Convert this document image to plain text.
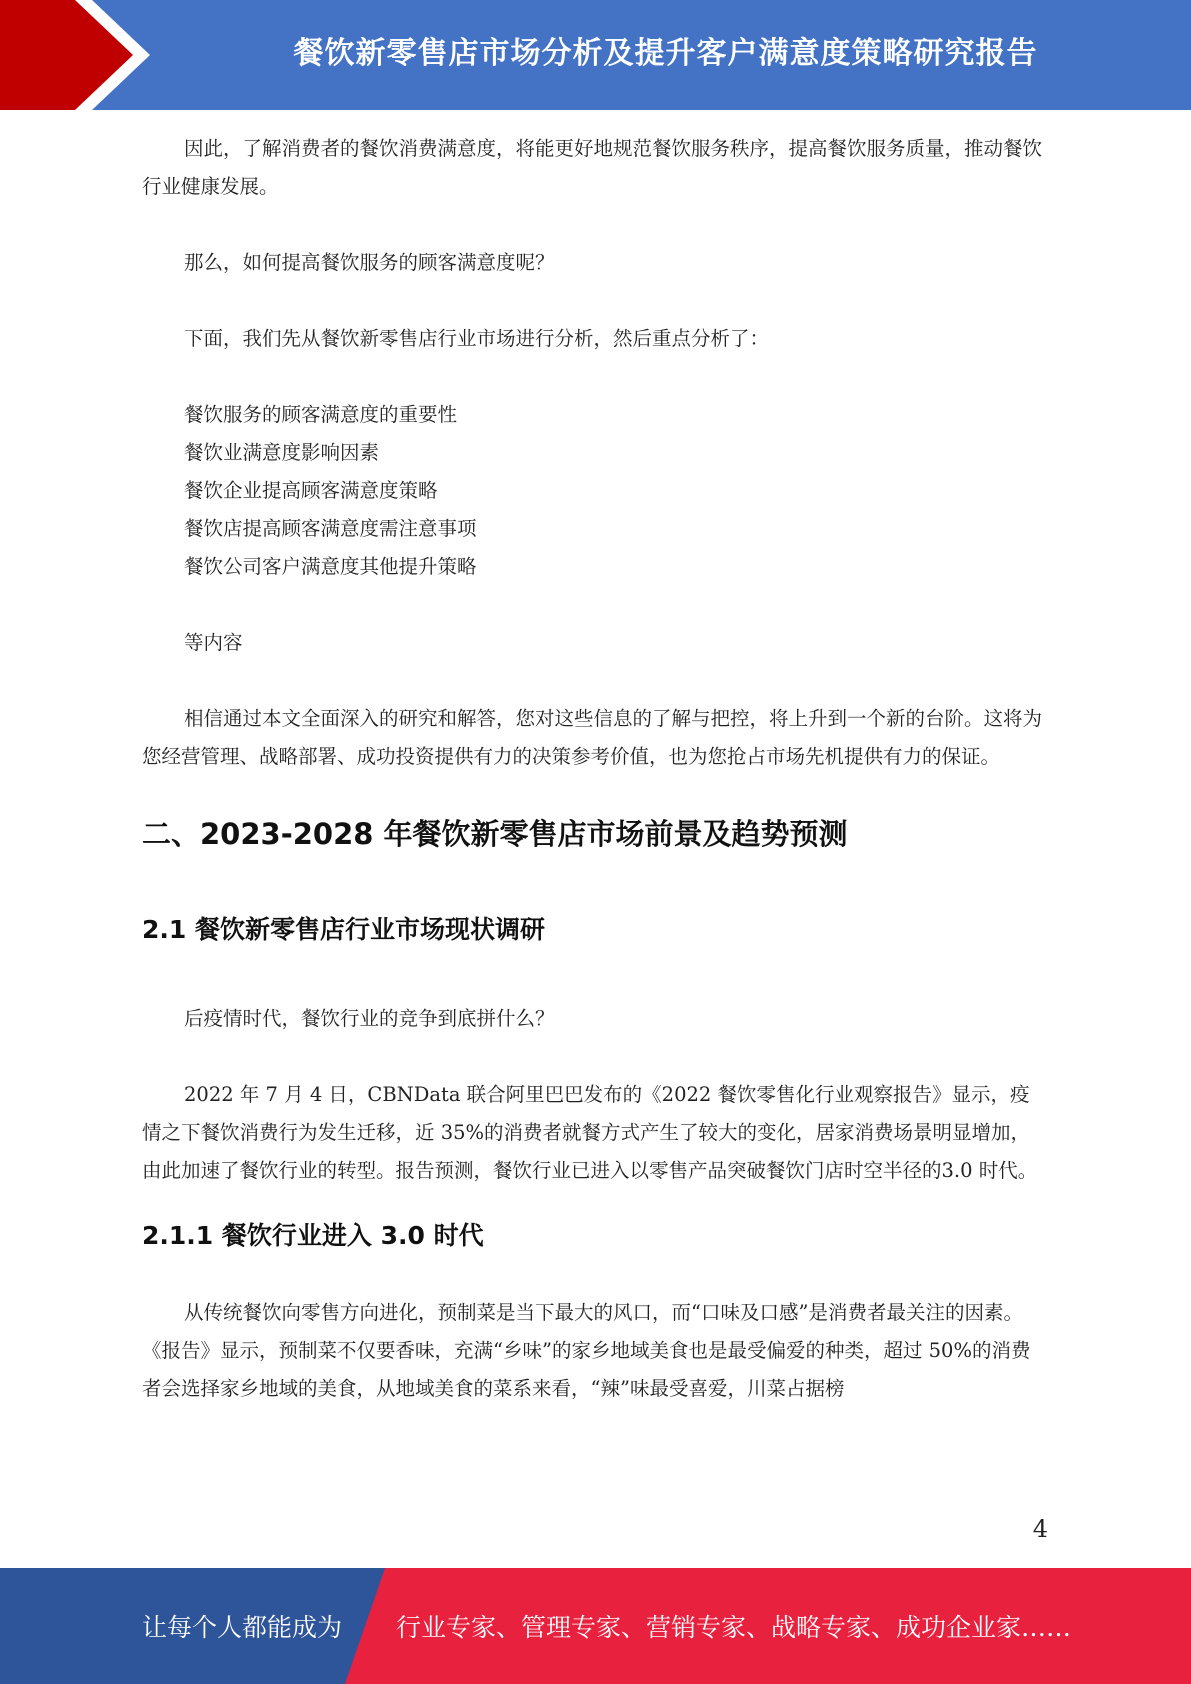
餐饮新零售店市场分析及提升客户满意度策略研究报告

因此，了解消费者的餐饮消费满意度，将能更好地规范餐饮服务秩序，提高餐饮服务质量，推动餐饮行业健康发展。

那么，如何提高餐饮服务的顾客满意度呢？

下面，我们先从餐饮新零售店行业市场进行分析，然后重点分析了：

餐饮服务的顾客满意度的重要性
餐饮业满意度影响因素
餐饮企业提高顾客满意度策略
餐饮店提高顾客满意度需注意事项
餐饮公司客户满意度其他提升策略

等内容

相信通过本文全面深入的研究和解答，您对这些信息的了解与把控，将上升到一个新的台阶。这将为您经营管理、战略部署、成功投资提供有力的决策参考价值，也为您抢占市场先机提供有力的保证。

二、2023-2028 年餐饮新零售店市场前景及趋势预测
2.1 餐饮新零售店行业市场现状调研

后疫情时代，餐饮行业的竞争到底拼什么？

2022 年 7 月 4 日，CBNData 联合阿里巴巴发布的《2022 餐饮零售化行业观察报告》显示，疫情之下餐饮消费行为发生迁移，近 35%的消费者就餐方式产生了较大的变化，居家消费场景明显增加，由此加速了餐饮行业的转型。报告预测，餐饮行业已进入以零售产品突破餐饮门店时空半径的3.0 时代。

2.1.1 餐饮行业进入 3.0 时代

从传统餐饮向零售方向进化，预制菜是当下最大的风口，而“口味及口感”是消费者最关注的因素。《报告》显示，预制菜不仅要香味，充满“乡味”的家乡地域美食也是最受偏爱的种类，超过 50%的消费者会选择家乡地域的美食，从地域美食的菜系来看，“辣”味最受喜爱，川菜占据榜

4
让每个人都能成为 行业专家、管理专家、营销专家、战略专家、成功企业家……
